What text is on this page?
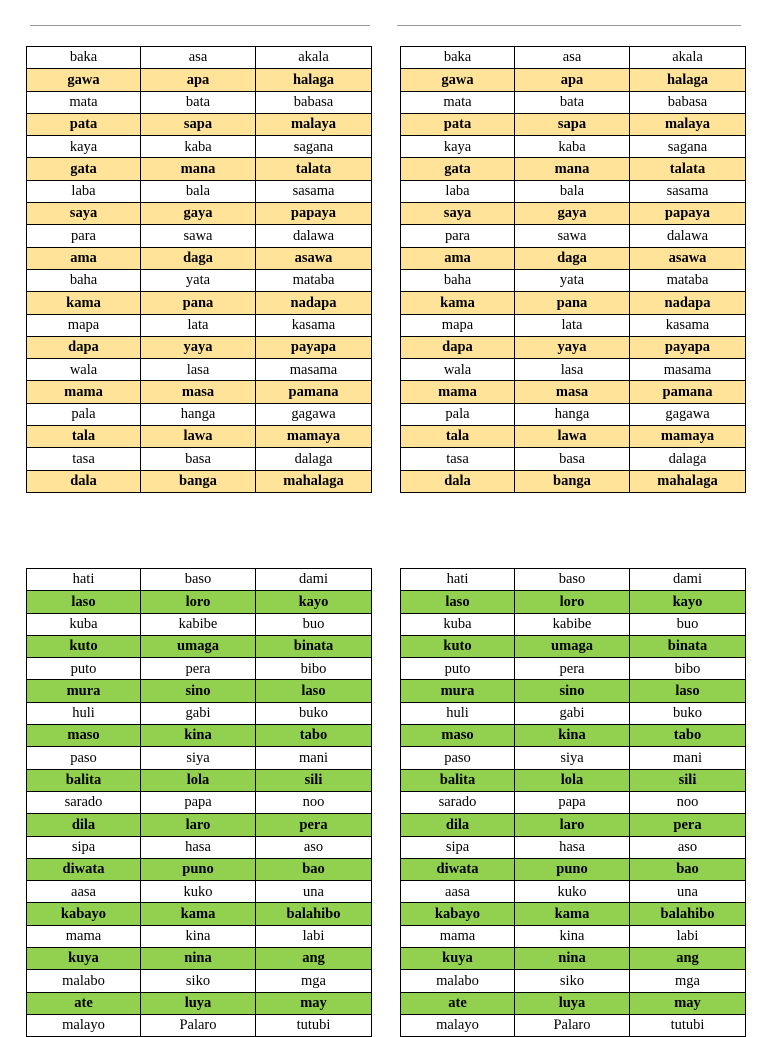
baka	asa	akala
gawa	apa	halaga
mata	bata	babasa
pata	sapa	malaya
kaya	kaba	sagana
gata	mana	talata
laba	bala	sasama
saya	gaya	papaya
para	sawa	dalawa
ama	daga	asawa
baha	yata	mataba
kama	pana	nadapa
mapa	lata	kasama
dapa	yaya	payapa
wala	lasa	masama
mama	masa	pamana
pala	hanga	gagawa
tala	lawa	mamaya
tasa	basa	dalaga
dala	banga	mahalaga
baka	asa	akala
gawa	apa	halaga
mata	bata	babasa
pata	sapa	malaya
kaya	kaba	sagana
gata	mana	talata
laba	bala	sasama
saya	gaya	papaya
para	sawa	dalawa
ama	daga	asawa
baha	yata	mataba
kama	pana	nadapa
mapa	lata	kasama
dapa	yaya	payapa
wala	lasa	masama
mama	masa	pamana
pala	hanga	gagawa
tala	lawa	mamaya
tasa	basa	dalaga
dala	banga	mahalaga
hati	baso	dami
laso	loro	kayo
kuba	kabibe	buo
kuto	umaga	binata
puto	pera	bibo
mura	sino	laso
huli	gabi	buko
maso	kina	tabo
paso	siya	mani
balita	lola	sili
sarado	papa	noo
dila	laro	pera
sipa	hasa	aso
diwata	puno	bao
aasa	kuko	una
kabayo	kama	balahibo
mama	kina	labi
kuya	nina	ang
malabo	siko	mga
ate	luya	may
malayo	Palaro	tutubi
hati	baso	dami
laso	loro	kayo
kuba	kabibe	buo
kuto	umaga	binata
puto	pera	bibo
mura	sino	laso
huli	gabi	buko
maso	kina	tabo
paso	siya	mani
balita	lola	sili
sarado	papa	noo
dila	laro	pera
sipa	hasa	aso
diwata	puno	bao
aasa	kuko	una
kabayo	kama	balahibo
mama	kina	labi
kuya	nina	ang
malabo	siko	mga
ate	luya	may
malayo	Palaro	tutubi
